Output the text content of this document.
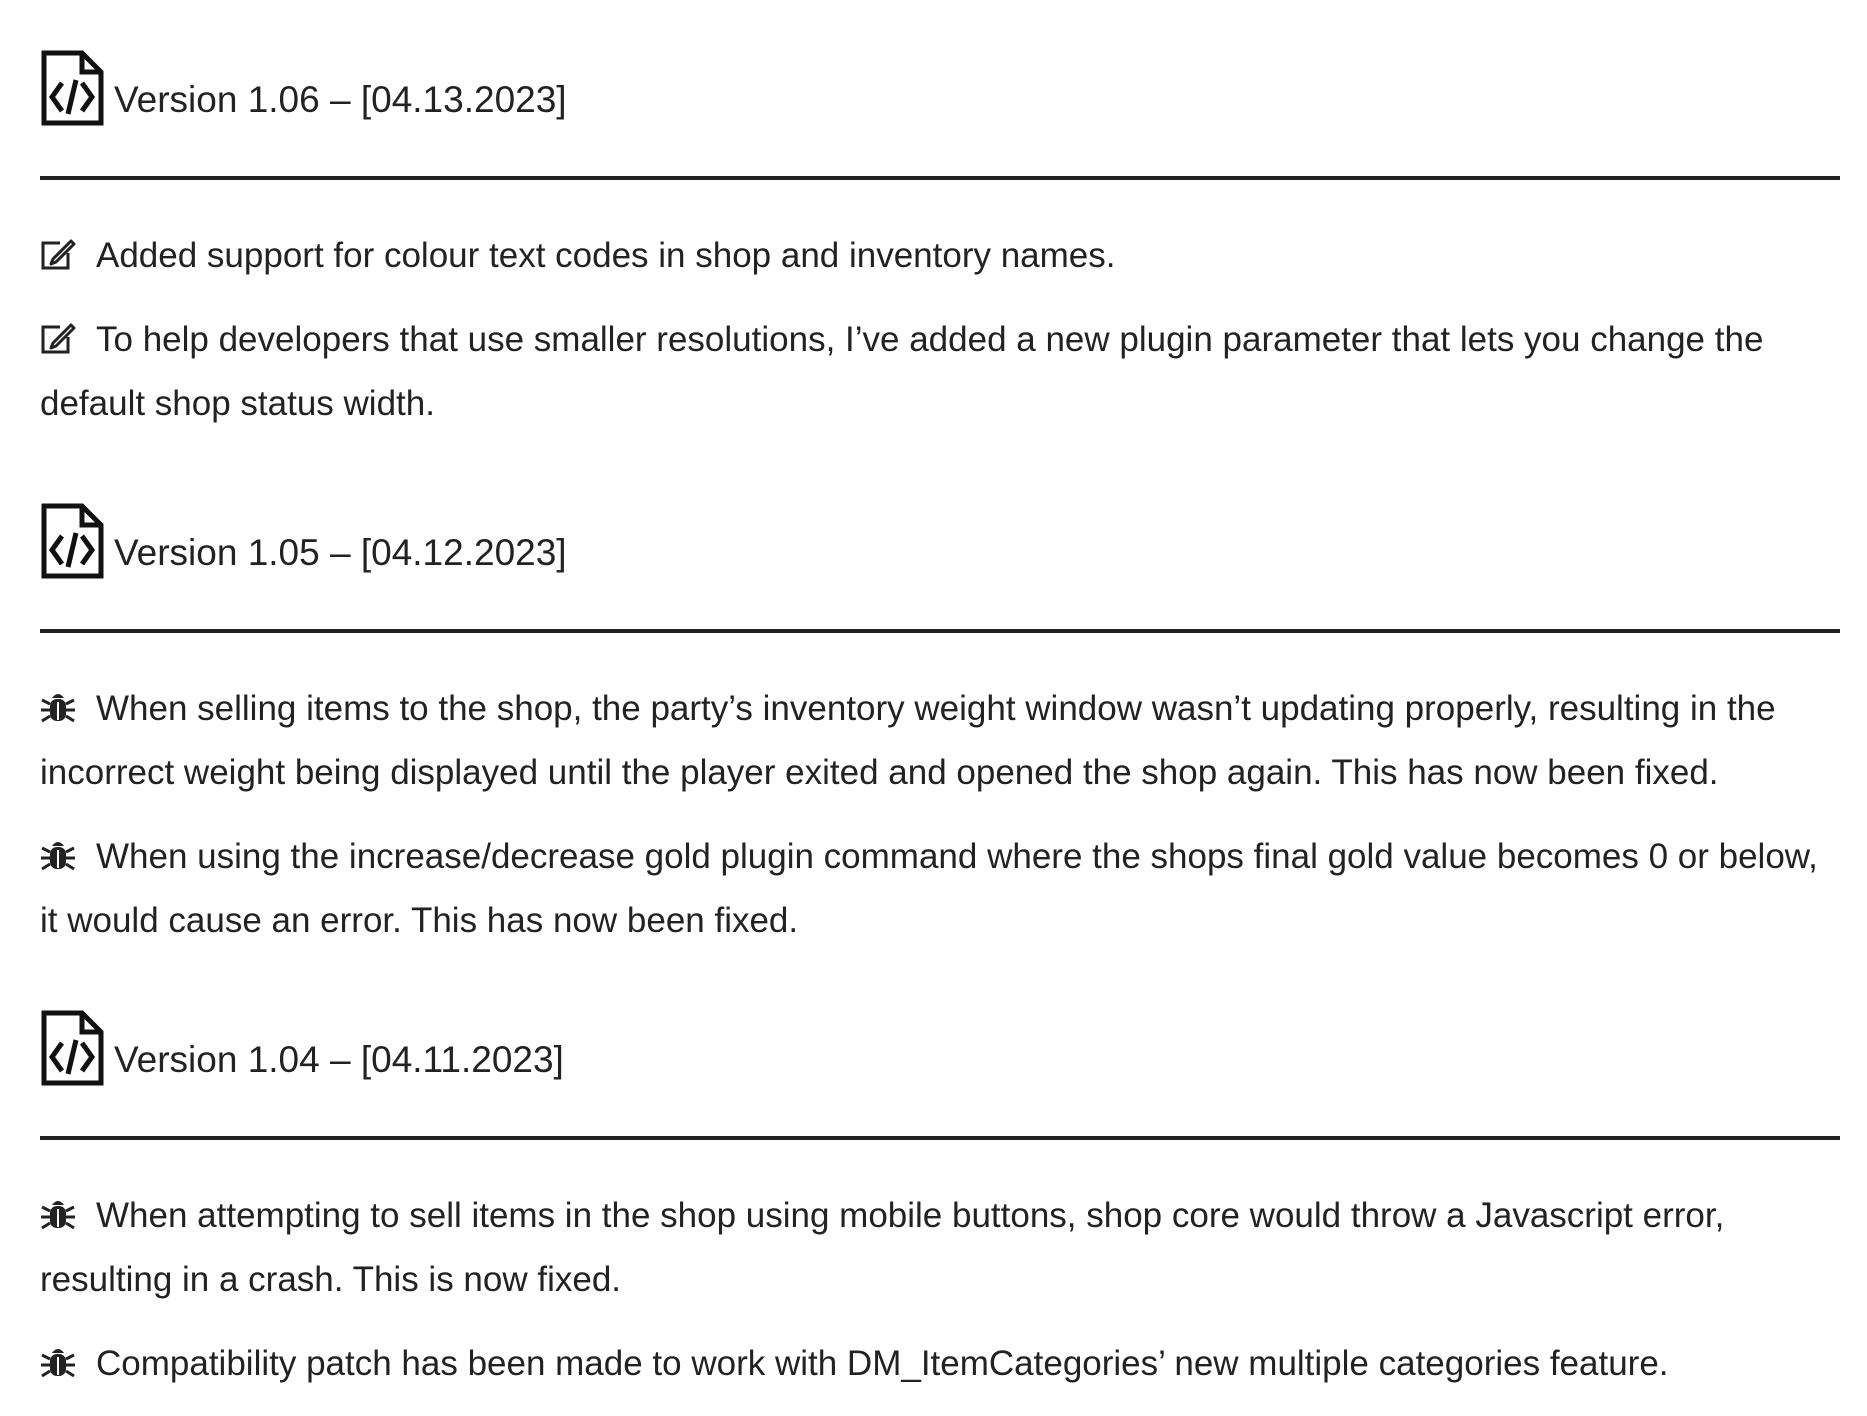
Version 1.06 – [04.13.2023]

Added support for colour text codes in shop and inventory names.

To help developers that use smaller resolutions, I’ve added a new plugin parameter that lets you change the default shop status width.

Version 1.05 – [04.12.2023]

When selling items to the shop, the party’s inventory weight window wasn’t updating properly, resulting in the incorrect weight being displayed until the player exited and opened the shop again. This has now been fixed.

When using the increase/decrease gold plugin command where the shops final gold value becomes 0 or below, it would cause an error. This has now been fixed.

Version 1.04 – [04.11.2023]

When attempting to sell items in the shop using mobile buttons, shop core would throw a Javascript error, resulting in a crash. This is now fixed.

Compatibility patch has been made to work with DM_ItemCategories’ new multiple categories feature.
